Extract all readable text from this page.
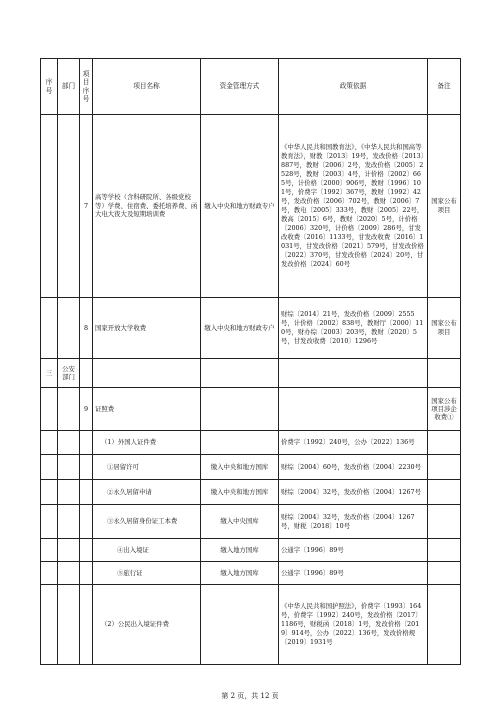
序号	部门	项目序号	项目名称	资金管理方式	政策依据	备注
		7	高等学校（含科研院所、各级党校等）学费、住宿费、委托培养费、函大电大夜大及短期培训费	缴入中央和地方财政专户	《中华人民共和国教育法》、《中华人民共和国高等教育法》，财教〔2013〕19号，发改价格〔2013〕887号，教财〔2006〕2号，发改价格〔2005〕2528号，教财〔2003〕4号，计价格〔2002〕665号，计价格〔2000〕906号，教财〔1996〕101号，价费字〔1992〕367号，教财〔1992〕42号，发改价格〔2006〕702号，教财〔2006〕7号，教电〔2005〕333号，教财〔2005〕22号，教高〔2015〕6号，教财〔2020〕5号，计价格〔2006〕320号，计价格〔2009〕286号，甘发改收费〔2016〕1133号，甘发改收费〔2016〕1031号，甘发改价格〔2021〕579号，甘发改价格〔2022〕370号，甘发改价格〔2024〕20号，甘发改价格〔2024〕60号	国家公布项目
		8	国家开放大学收费	缴入中央和地方财政专户	财综〔2014〕21号，发改价格〔2009〕2555号，计价格〔2002〕838号，教财厅〔2000〕110号，财办综〔2003〕203号，教财〔2020〕5号，甘发改收费〔2010〕1296号	国家公布项目
三	公安部门					
		9	证照费			国家公布项目涉企收费①
			（1）外国人证件费		价费字〔1992〕240号，公办〔2022〕136号	
			①居留许可	缴入中央和地方国库	财综〔2004〕60号，发改价格〔2004〕2230号	
			②永久居留申请	缴入中央和地方国库	财综〔2004〕32号，发改价格〔2004〕1267号	
			③永久居留身份证工本费	缴入中央国库	财综〔2004〕32号，发改价格〔2004〕1267号，财税〔2018〕10号	
			④出入境证	缴入地方国库	公通字〔1996〕89号	
			⑤旅行证	缴入地方国库	公通字〔1996〕89号	
			（2）公民出入境证件费		《中华人民共和国护照法》，价费字〔1993〕164号，价费字〔1992〕240号，发改价格〔2017〕1186号，财税函〔2018〕1号，发改价格〔2019〕914号，公办〔2022〕136号，发改价格规〔2019〕1931号	
第 2 页，共 12 页
